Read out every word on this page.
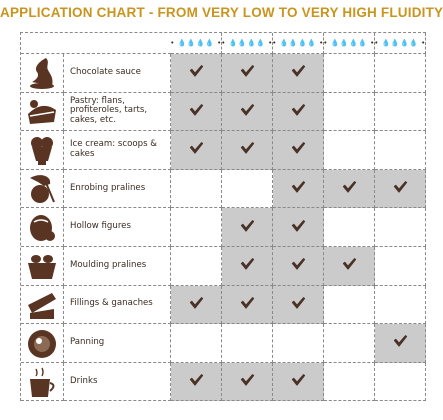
APPLICATION CHART - FROM VERY LOW TO VERY HIGH FLUIDITY
• 💧💧💧💧 • • 💧💧💧💧 • • 💧💧💧💧 • • 💧💧💧💧 • • 💧💧💧💧 •
Chocolate sauce
Pastry: flans, profiteroles, tarts, cakes, etc.
Ice cream: scoops & cakes
Enrobing pralines
Hollow figures
Moulding pralines
Fillings & ganaches
Panning
Drinks
